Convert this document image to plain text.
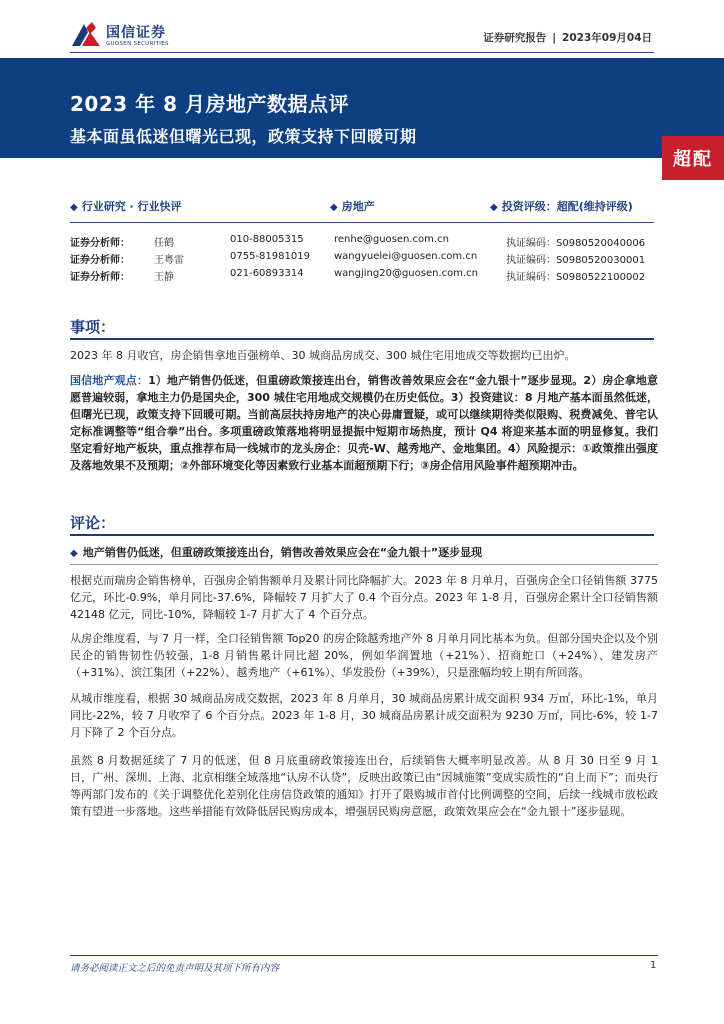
国信证券
GUOSEN SECURITIES	证券研究报告 | 2023年09月04日
2023 年 8 月房地产数据点评
基本面虽低迷但曙光已现，政策支持下回暖可期
超配
◆ 行业研究 · 行业快评	◆ 房地产	◆ 投资评级：超配(维持评级)
证券分析师： 任鹤	010-88005315	renhe@guosen.com.cn	执证编码：S0980520040006
证券分析师： 王粤雷	0755-81981019 wangyuelei@guosen.com.cn	执证编码：S0980520030001
证券分析师： 王静	021-60893314	wangjing20@guosen.com.cn	执证编码：S0980522100002
事项：
2023 年 8 月收官，房企销售拿地百强榜单、30 城商品房成交、300 城住宅用地成交等数据均已出炉。
国信地产观点：1）地产销售仍低迷，但重磅政策接连出台，销售改善效果应会在“金九银十”逐步显现。2）房企拿地意愿普遍较弱，拿地主力仍是国央企，300 城住宅用地成交规模仍在历史低位。3）投资建议：8 月地产基本面虽然低迷，但曙光已现，政策支持下回暖可期。当前高层扶持房地产的决心毋庸置疑，或可以继续期待类似限购、税费减免、普宅认定标准调整等“组合拳”出台。多项重磅政策落地将明显提振中短期市场热度，预计 Q4 将迎来基本面的明显修复。我们坚定看好地产板块，重点推荐布局一线城市的龙头房企：贝壳-W、越秀地产、金地集团。4）风险提示：①政策推出强度及落地效果不及预期；②外部环境变化等因素致行业基本面超预期下行；③房企信用风险事件超预期冲击。
评论：
◆ 地产销售仍低迷，但重磅政策接连出台，销售改善效果应会在“金九银十”逐步显现
根据克而瑞房企销售榜单，百强房企销售额单月及累计同比降幅扩大。2023 年 8 月单月，百强房企全口径销售额 3775 亿元，环比-0.9%，单月同比-37.6%，降幅较 7 月扩大了 0.4 个百分点。2023 年 1-8 月，百强房企累计全口径销售额 42148 亿元，同比-10%，降幅较 1-7 月扩大了 4 个百分点。
从房企维度看，与 7 月一样，全口径销售额 Top20 的房企除越秀地产外 8 月单月同比基本为负。但部分国央企以及个别民企的销售韧性仍较强，1-8 月销售累计同比超 20%，例如华润置地（+21%）、招商蛇口（+24%）、建发房产（+31%）、滨江集团（+22%）、越秀地产（+61%）、华发股份（+39%），只是涨幅均较上期有所回落。
从城市维度看，根据 30 城商品房成交数据，2023 年 8 月单月，30 城商品房累计成交面积 934 万㎡，环比-1%，单月同比-22%，较 7 月收窄了 6 个百分点。2023 年 1-8 月，30 城商品房累计成交面积为 9230 万㎡，同比-6%，较 1-7 月下降了 2 个百分点。
虽然 8 月数据延续了 7 月的低迷，但 8 月底重磅政策接连出台，后续销售大概率明显改善。从 8 月 30 日至 9 月 1 日，广州、深圳、上海、北京相继全域落地“认房不认贷”，反映出政策已由“因城施策”变成实质性的“自上而下”；而央行等两部门发布的《关于调整优化差别化住房信贷政策的通知》打开了限购城市首付比例调整的空间，后续一线城市放松政策有望进一步落地。这些举措能有效降低居民购房成本，增强居民购房意愿，政策效果应会在“金九银十”逐步显现。
请务必阅读正文之后的免责声明及其项下所有内容	1
